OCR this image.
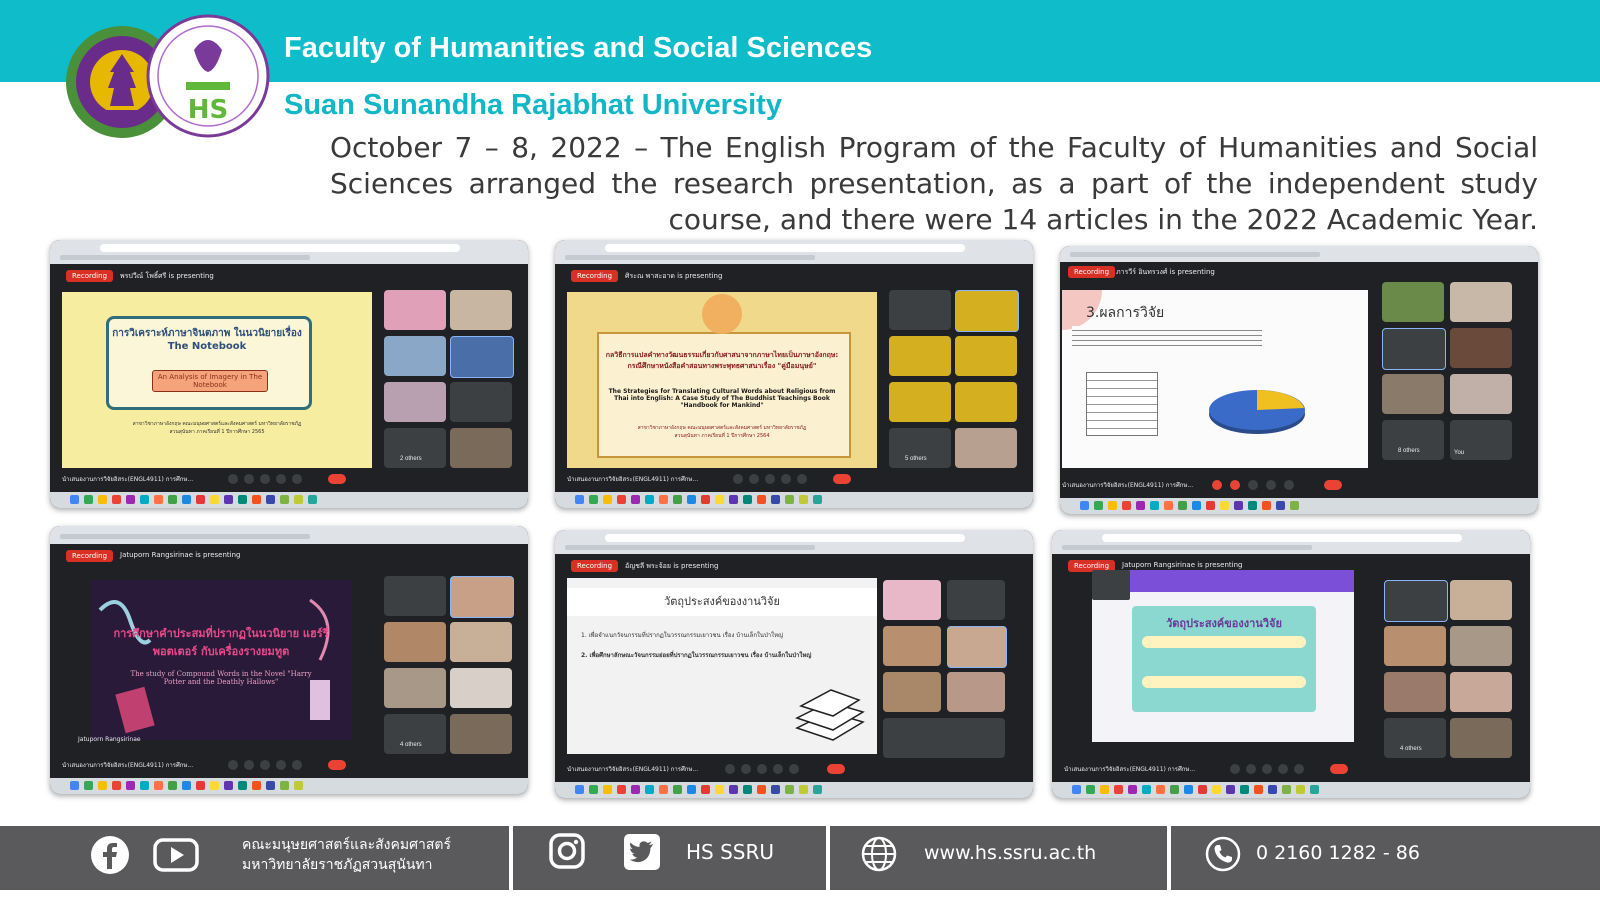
HS
Faculty of Humanities and Social Sciences
Suan Sunandha Rajabhat University
October 7 – 8, 2022 – The English Program of the Faculty of Humanities and Social Sciences arranged the research presentation, as a part of the independent study course, and there were 14 articles in the 2022 Academic Year.
Recording	พรปวีณ์ โพธิ์ศรี is presenting
การวิเคราะห์ภาษาจินตภาพ ในนวนิยายเรื่อง The Notebook
An Analysis of Imagery in The Notebook
สาขาวิชาภาษาอังกฤษ คณะมนุษยศาสตร์และสังคมศาสตร์ มหาวิทยาลัยราชภัฏสวนสุนันทา ภาคเรียนที่ 1 ปีการศึกษา 2565
2 others
นำเสนองานการวิจัยอิสระ(ENGL4911) การศึกษ...
Recording	ศิระณ พาสะอาด is presenting
กลวิธีการแปลคำทางวัฒนธรรมเกี่ยวกับศาสนาจากภาษาไทยเป็นภาษาอังกฤษ: กรณีศึกษาหนังสือคำสอนทางพระพุทธศาสนาเรื่อง "คู่มือมนุษย์"
The Strategies for Translating Cultural Words about Religious from Thai into English: A Case Study of The Buddhist Teachings Book "Handbook for Mankind"
สาขาวิชาภาษาอังกฤษ คณะมนุษยศาสตร์และสังคมศาสตร์ มหาวิทยาลัยราชภัฏสวนสุนันทา ภาคเรียนที่ 1 ปีการศึกษา 2564
5 others
นำเสนองานการวิจัยอิสระ(ENGL4911) การศึกษ...
Recording ภารวีร์ อินทรวงศ์ is presenting
3.ผลการวิจัย
8 others	You
นำเสนองานการวิจัยอิสระ(ENGL4911) การศึกษ...
Recording	Jatuporn Rangsirinae is presenting
การศึกษาคำประสมที่ปรากฏในนวนิยาย แฮร์รี่ พอตเตอร์ กับเครื่องรางยมทูต
The study of Compound Words in the Novel "Harry Potter and the Deathly Hallows"
Jatuporn Rangsirinae
4 others
นำเสนองานการวิจัยอิสระ(ENGL4911) การศึกษ...
Recording	อัญชลี พระจ้อย is presenting
วัตถุประสงค์ของงานวิจัย
1. เพื่อจำแนกวัจนกรรมที่ปรากฏในวรรณกรรมเยาวชน เรื่อง บ้านเล็กในป่าใหญ่
2. เพื่อศึกษาลักษณะวัจนกรรมย่อยที่ปรากฏในวรรณกรรมเยาวชน เรื่อง บ้านเล็กในป่าใหญ่
นำเสนองานการวิจัยอิสระ(ENGL4911) การศึกษ...
Recording	Jatuporn Rangsirinae is presenting
วัตถุประสงค์ของงานวิจัย
4 others
นำเสนองานการวิจัยอิสระ(ENGL4911) การศึกษ...
คณะมนุษยศาสตร์และสังคมศาสตร์
มหาวิทยาลัยราชภัฏสวนสุนันทา
HS SSRU	www.hs.ssru.ac.th	0 2160 1282 - 86
